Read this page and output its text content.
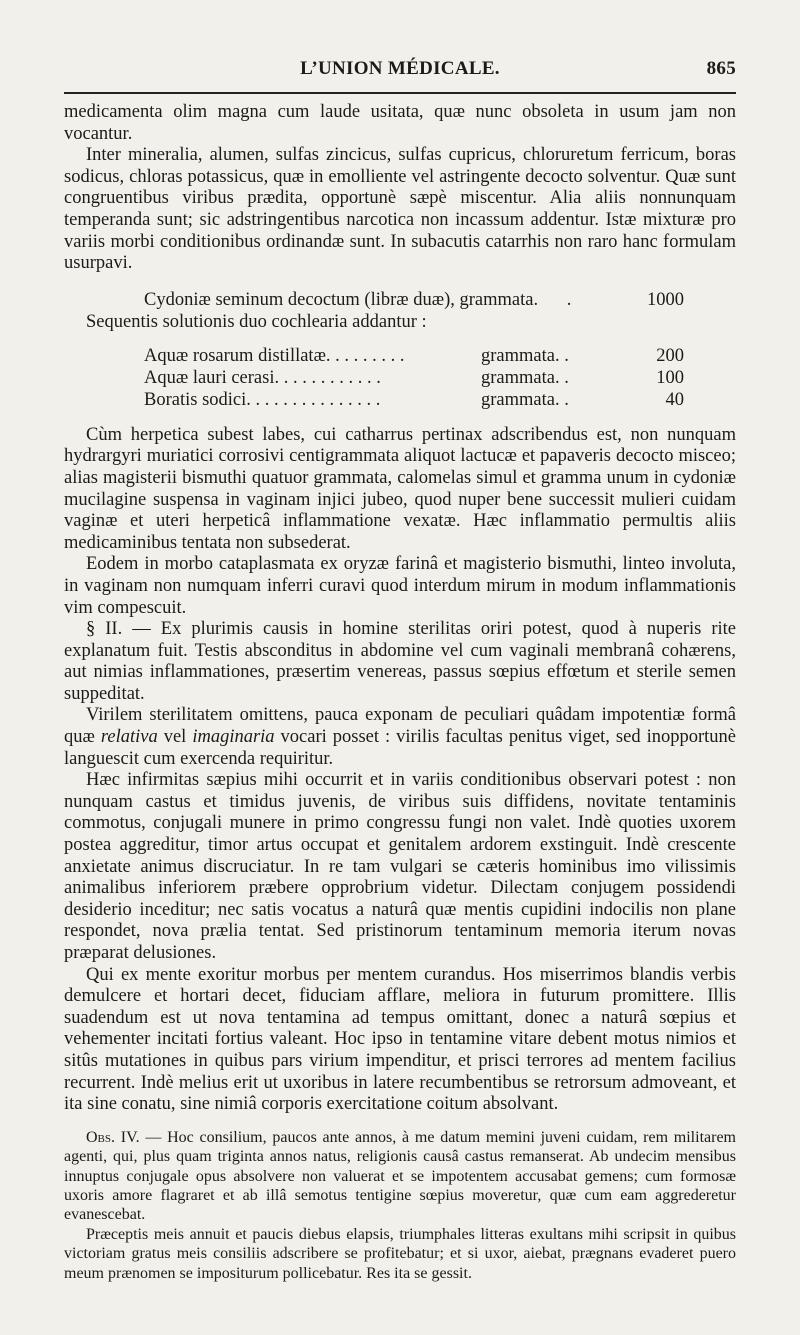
L’UNION MÉDICALE.	865

medicamenta olim magna cum laude usitata, quæ nunc obsoleta in usum jam non vocantur.

Inter mineralia, alumen, sulfas zincicus, sulfas cupricus, chloruretum ferricum, boras sodicus, chloras potassicus, quæ in emolliente vel astringente decocto solventur. Quæ sunt congruentibus viribus prædita, opportunè sæpè miscentur. Alia aliis nonnunquam temperanda sunt; sic adstringentibus narcotica non incassum addentur. Istæ mixturæ pro variis morbi conditionibus ordinandæ sunt. In subacutis catarrhis non raro hanc formulam usurpavi.

Cydoniæ seminum decoctum (libræ duæ), grammata. .	1000
Sequentis solutionis duo cochlearia addantur :
Aquæ rosarum distillatæ. . . . . . . . .	grammata. .	200
Aquæ lauri cerasi. . . . . . . . . . . .	grammata. .	100
Boratis sodici. . . . . . . . . . . . . . .	grammata. .	40

Cùm herpetica subest labes, cui catharrus pertinax adscribendus est, non nunquam hydrargyri muriatici corrosivi centigrammata aliquot lactucæ et papaveris decocto misceo; alias magisterii bismuthi quatuor grammata, calomelas simul et gramma unum in cydoniæ mucilagine suspensa in vaginam injici jubeo, quod nuper bene successit mulieri cuidam vaginæ et uteri herpeticâ inflammatione vexatæ. Hæc inflammatio permultis aliis medicaminibus tentata non subsederat.

Eodem in morbo cataplasmata ex oryzæ farinâ et magisterio bismuthi, linteo involuta, in vaginam non numquam inferri curavi quod interdum mirum in modum inflammationis vim compescuit.

§ II. — Ex plurimis causis in homine sterilitas oriri potest, quod à nuperis rite explanatum fuit. Testis absconditus in abdomine vel cum vaginali membranâ cohærens, aut nimias inflammationes, præsertim venereas, passus sœpius effœtum et sterile semen suppeditat.

Virilem sterilitatem omittens, pauca exponam de peculiari quâdam impotentiæ formâ quæ relativa vel imaginaria vocari posset : virilis facultas penitus viget, sed inopportunè languescit cum exercenda requiritur.

Hæc infirmitas sæpius mihi occurrit et in variis conditionibus observari potest : non nunquam castus et timidus juvenis, de viribus suis diffidens, novitate tentaminis commotus, conjugali munere in primo congressu fungi non valet. Indè quoties uxorem postea aggreditur, timor artus occupat et genitalem ardorem exstinguit. Indè crescente anxietate animus discruciatur. In re tam vulgari se cæteris hominibus imo vilissimis animalibus inferiorem præbere opprobrium videtur. Dilectam conjugem possidendi desiderio inceditur; nec satis vocatus a naturâ quæ mentis cupidini indocilis non plane respondet, nova prælia tentat. Sed pristinorum tentaminum memoria iterum novas præparat delusiones.

Qui ex mente exoritur morbus per mentem curandus. Hos miserrimos blandis verbis demulcere et hortari decet, fiduciam afflare, meliora in futurum promittere. Illis suadendum est ut nova tentamina ad tempus omittant, donec a naturâ sœpius et vehementer incitati fortius valeant. Hoc ipso in tentamine vitare debent motus nimios et sitûs mutationes in quibus pars virium impenditur, et prisci terrores ad mentem facilius recurrent. Indè melius erit ut uxoribus in latere recumbentibus se retrorsum admoveant, et ita sine conatu, sine nimiâ corporis exercitatione coitum absolvant.

Obs. IV. — Hoc consilium, paucos ante annos, à me datum memini juveni cuidam, rem militarem agenti, qui, plus quam triginta annos natus, religionis causâ castus remanserat. Ab undecim mensibus innuptus conjugale opus absolvere non valuerat et se impotentem accusabat gemens; cum formosæ uxoris amore flagraret et ab illâ semotus tentigine sœpius moveretur, quæ cum eam aggrederetur evanescebat.

Præceptis meis annuit et paucis diebus elapsis, triumphales litteras exultans mihi scripsit in quibus victoriam gratus meis consiliis adscribere se profitebatur; et si uxor, aiebat, prægnans evaderet puero meum prænomen se impositurum pollicebatur. Res ita se gessit.
